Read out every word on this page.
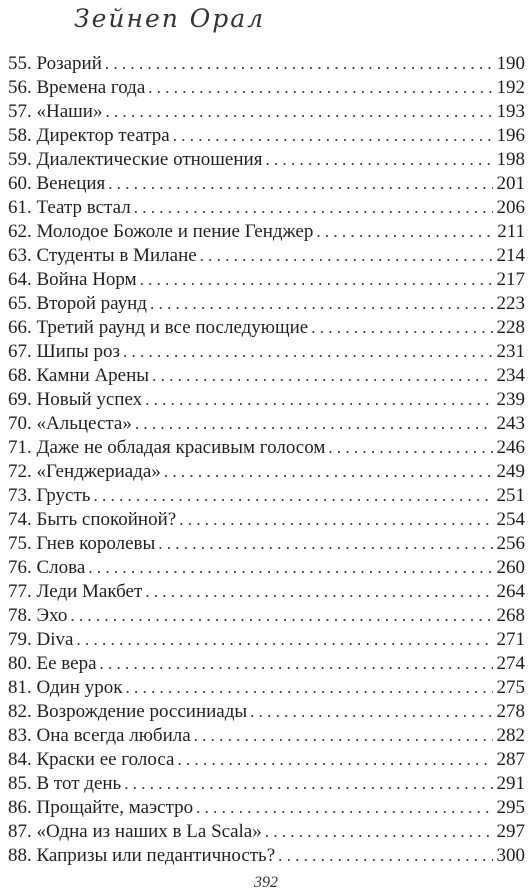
Зейнеп Орал
55. Розарий . . .	190
56. Времена года . . .	192
57. «Наши» . . .	193
58. Директор театра . . .	196
59. Диалектические отношения . . .	198
60. Венеция . . .	201
61. Театр встал . . .	206
62. Молодое Божоле и пение Генджер . . .	211
63. Студенты в Милане . . .	214
64. Война Норм . . .	217
65. Второй раунд . . .	223
66. Третий раунд и все последующие . . .	228
67. Шипы роз . . .	231
68. Камни Арены . . .	234
69. Новый успех . . .	239
70. «Альцеста» . . .	243
71. Даже не обладая красивым голосом . . .	246
72. «Генджериада» . . .	249
73. Грусть . . .	251
74. Быть спокойной? . . .	254
75. Гнев королевы . . .	256
76. Слова . . .	260
77. Леди Макбет . . .	264
78. Эхо . . .	268
79. Diva . . .	271
80. Ее вера . . .	274
81. Один урок . . .	275
82. Возрождение россиниады . . .	278
83. Она всегда любила . . .	282
84. Краски ее голоса . . .	287
85. В тот день . . .	291
86. Прощайте, маэстро . . .	295
87. «Одна из наших в La Scala» . . .	297
88. Капризы или педантичность? . . .	300
392
